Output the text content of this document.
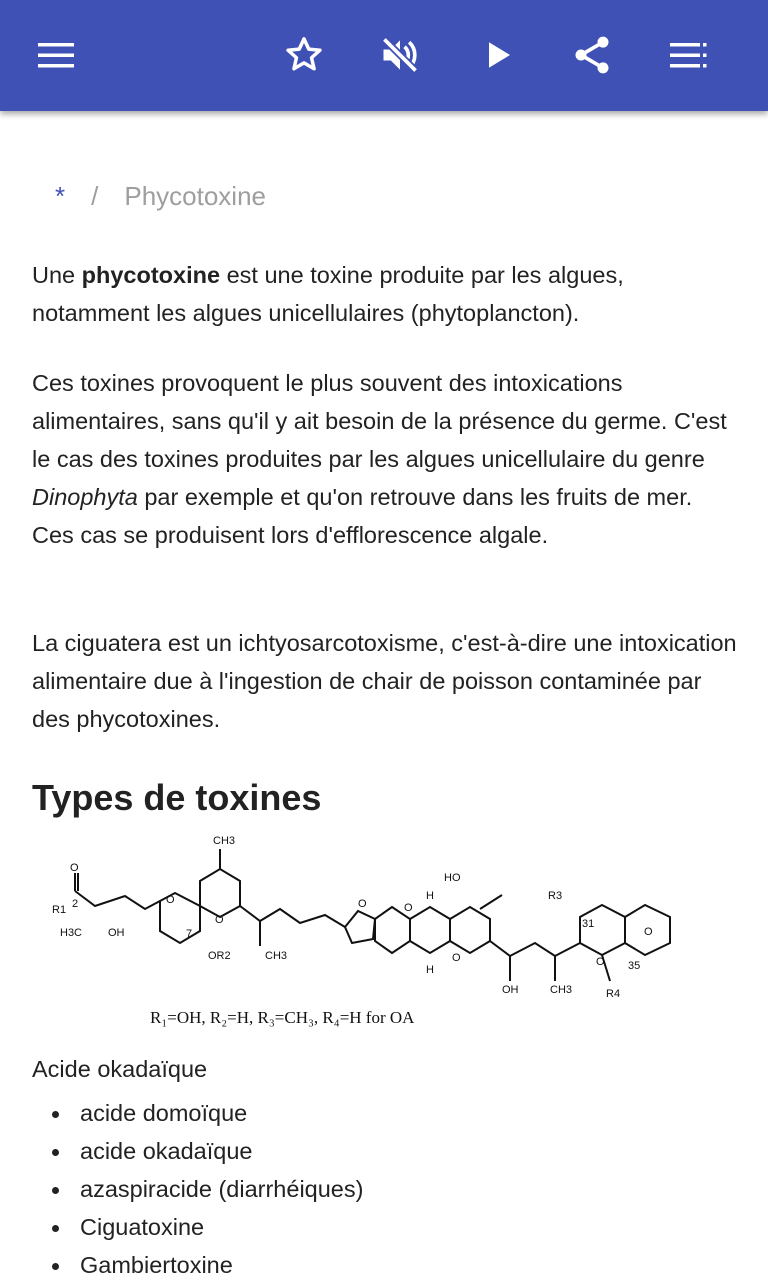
* / Phycotoxine

Une phycotoxine est une toxine produite par les algues, notamment les algues unicellulaires (phytoplancton).

Ces toxines provoquent le plus souvent des intoxications alimentaires, sans qu'il y ait besoin de la présence du germe. C'est le cas des toxines produites par les algues unicellulaire du genre Dinophyta par exemple et qu'on retrouve dans les fruits de mer. Ces cas se produisent lors d'efflorescence algale.

La ciguatera est un ichtyosarcotoxisme, c'est-à-dire une intoxication alimentaire due à l'ingestion de chair de poisson contaminée par des phycotoxines.

Types de toxines
CH3
O
R1 2
H3C OH
O
7
O
OR2	CH3
O	O
H
HO
H
O
OH	CH3
R3
31
O
O
35
R4
R₁=OH, R₂=H, R₃=CH₃, R₄=H for OA
Acide okadaïque
acide domoïque
acide okadaïque
azaspiracide (diarrhéiques)
Ciguatoxine
Gambiertoxine
